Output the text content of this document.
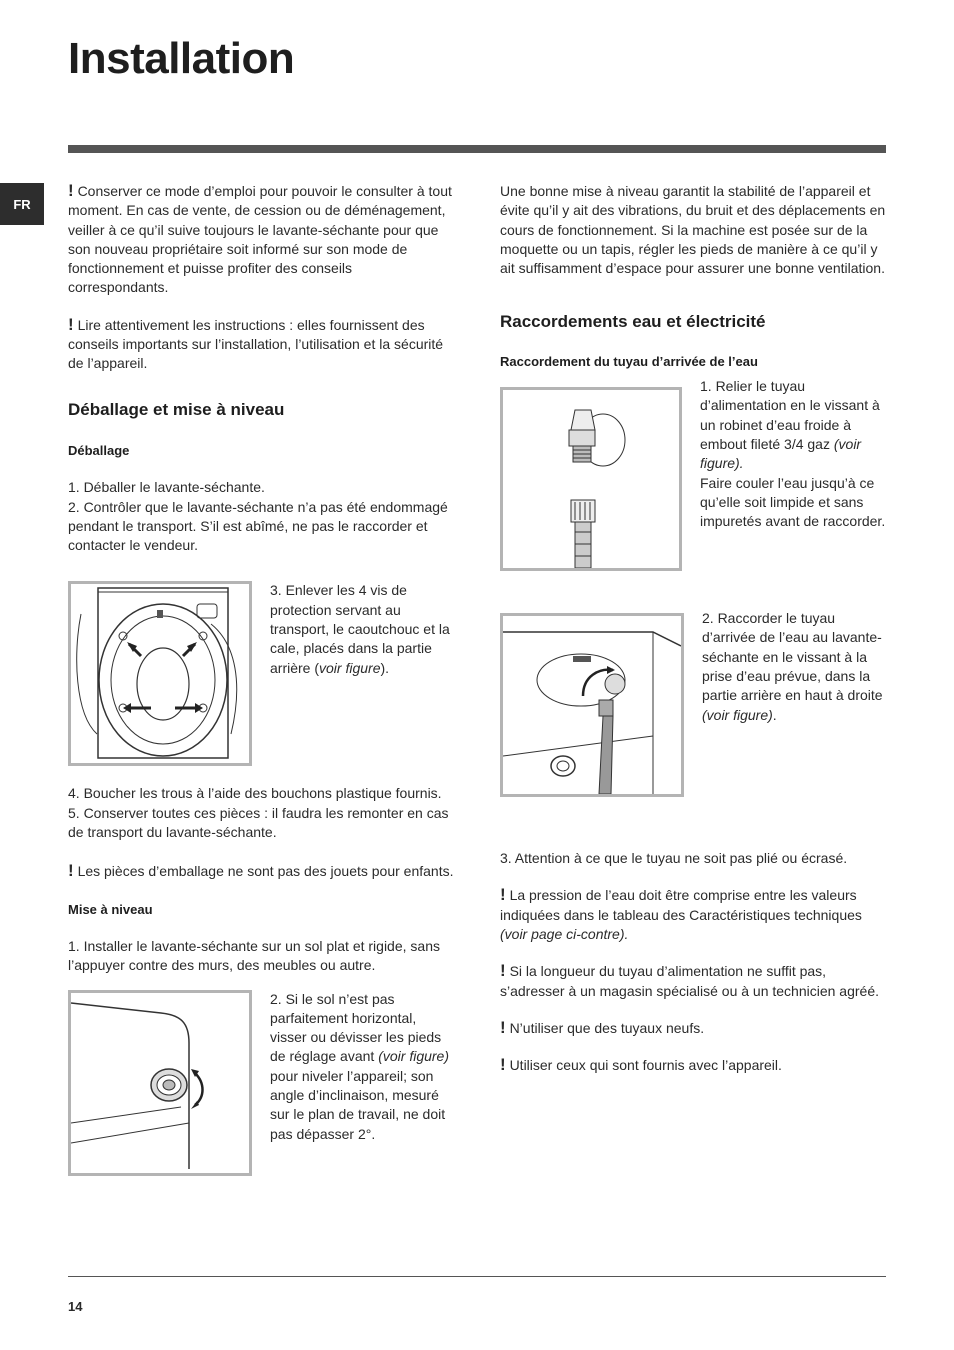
Installation
FR

! Conserver ce mode d’emploi pour pouvoir le consulter à tout moment. En cas de vente, de cession ou de déménagement, veiller à ce qu’il suive toujours le lavante-séchante pour que son nouveau propriétaire soit informé sur son mode de fonctionnement et puisse profiter des conseils correspondants.

! Lire attentivement les instructions : elles fournissent des conseils importants sur l’installation, l’utilisation et la sécurité de l’appareil.

Déballage et mise à niveau
Déballage

1. Déballer le lavante-séchante.
2. Contrôler que le lavante-séchante n’a pas été endommagé pendant le transport. S’il est abîmé, ne pas le raccorder et contacter le vendeur.

3. Enlever les 4 vis de protection servant au transport, le caoutchouc et la cale, placés dans la partie arrière (voir figure).

4. Boucher les trous à l’aide des bouchons plastique fournis.
5. Conserver toutes ces pièces : il faudra les remonter en cas de transport du lavante-séchante.

! Les pièces d’emballage ne sont pas des jouets pour enfants.

Mise à niveau

1. Installer le lavante-séchante sur un sol plat et rigide, sans l’appuyer contre des murs, des meubles ou autre.

2. Si le sol n’est pas parfaitement horizontal, visser ou dévisser les pieds de réglage avant (voir figure) pour niveler l’appareil; son angle d’inclinaison, mesuré sur le plan de travail, ne doit pas dépasser 2°.

Une bonne mise à niveau garantit la stabilité de l’appareil et évite qu’il y ait des vibrations, du bruit et des déplacements en cours de fonctionnement. Si la machine est posée sur de la moquette ou un tapis, régler les pieds de manière à ce qu’il y ait suffisamment d’espace pour assurer une bonne ventilation.

Raccordements eau et électricité
Raccordement du tuyau d’arrivée de l’eau
1. Relier le tuyau d’alimentation en le vissant à un robinet d’eau froide à embout fileté 3/4 gaz (voir figure).
Faire couler l’eau jusqu’à ce qu’elle soit limpide et sans impuretés avant de raccorder.
2. Raccorder le tuyau d’arrivée de l’eau au lavante-séchante en le vissant à la prise d’eau prévue, dans la partie arrière en haut à droite (voir figure).

3. Attention à ce que le tuyau ne soit pas plié ou écrasé.

! La pression de l’eau doit être comprise entre les valeurs indiquées dans le tableau des Caractéristiques techniques (voir page ci-contre).

! Si la longueur du tuyau d’alimentation ne suffit pas, s’adresser à un magasin spécialisé ou à un technicien agréé.

! N’utiliser que des tuyaux neufs.

! Utiliser ceux qui sont fournis avec l’appareil.

14
